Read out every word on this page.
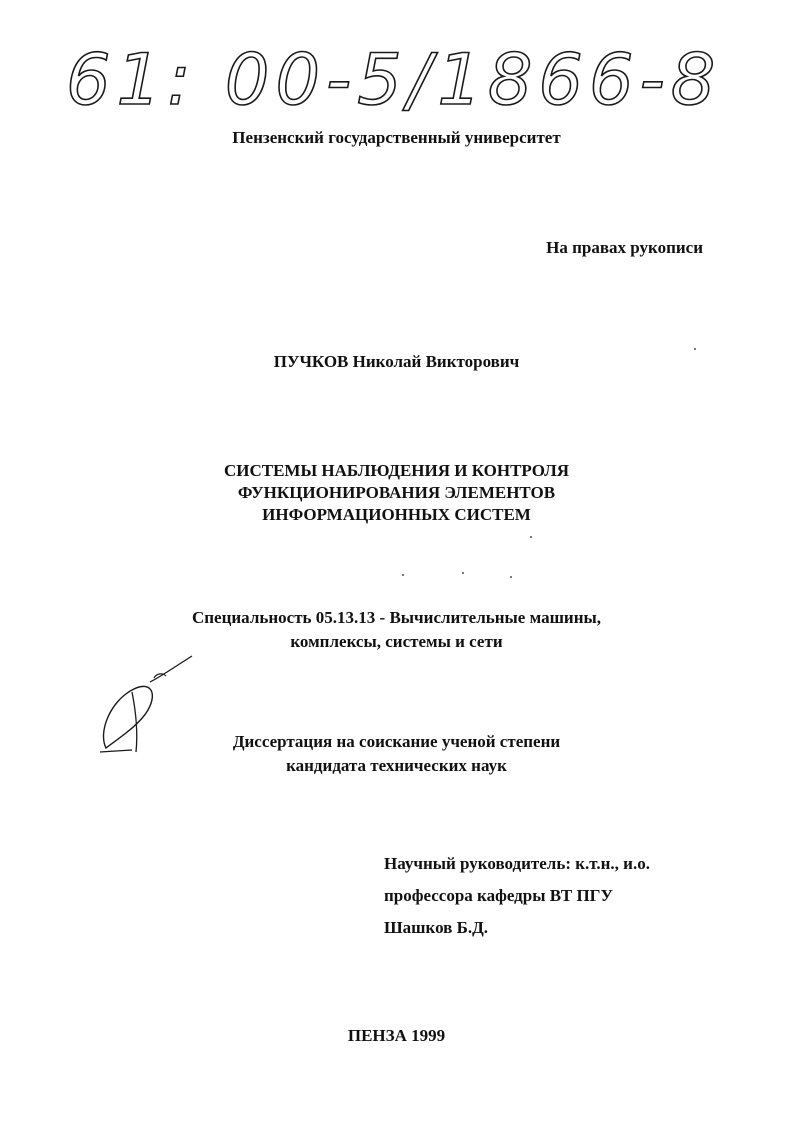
61: 00-5/1866-8
Пензенский государственный университет
На правах рукописи
ПУЧКОВ Николай Викторович
СИСТЕМЫ НАБЛЮДЕНИЯ И КОНТРОЛЯ
ФУНКЦИОНИРОВАНИЯ ЭЛЕМЕНТОВ
ИНФОРМАЦИОННЫХ СИСТЕМ
Специальность 05.13.13 - Вычислительные машины,
комплексы, системы и сети
Диссертация на соискание ученой степени
кандидата технических наук
Научный руководитель: к.т.н., и.о.
профессора кафедры ВТ ПГУ
Шашков Б.Д.
ПЕНЗА 1999
